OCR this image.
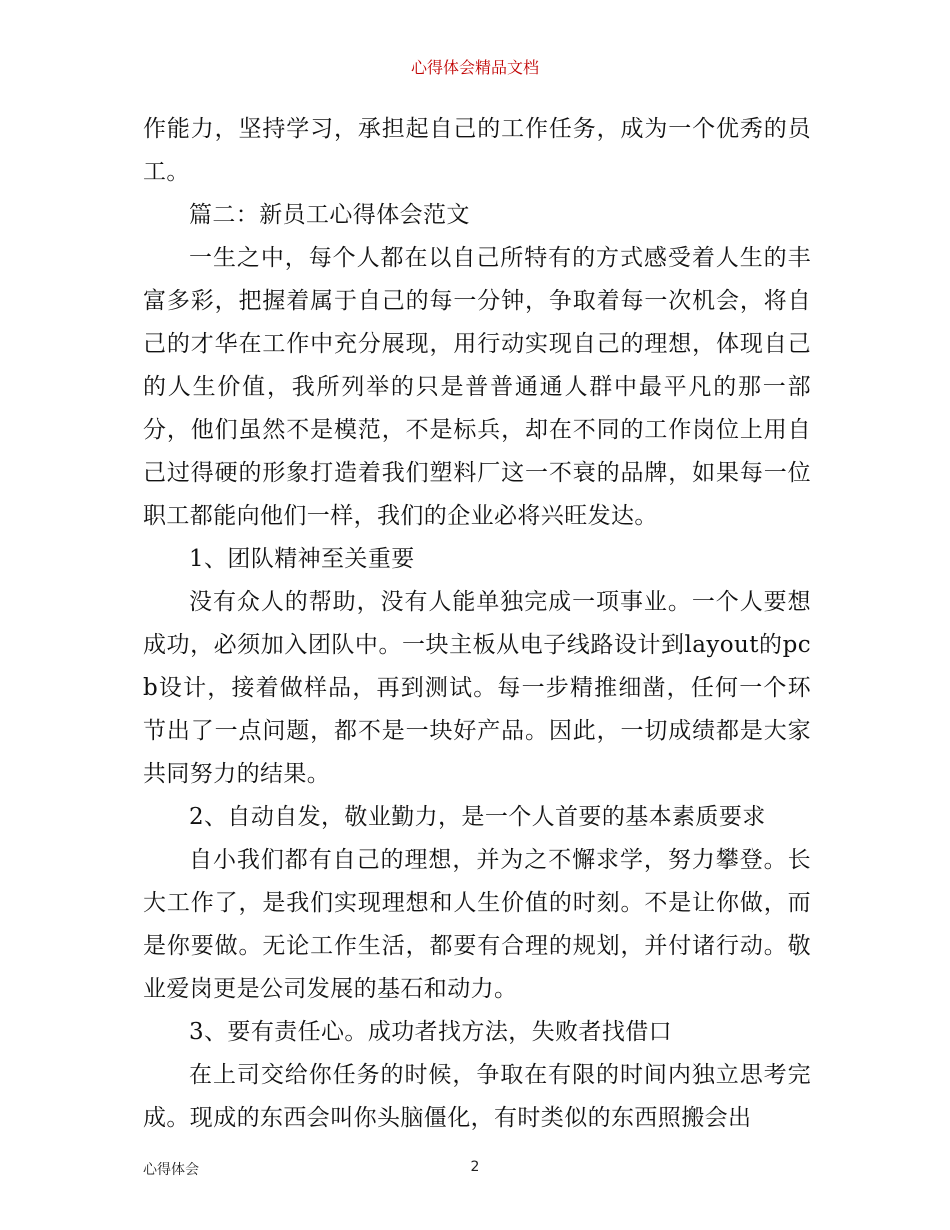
心得体会精品文档

作能力，坚持学习，承担起自己的工作任务，成为一个优秀的员工。

篇二：新员工心得体会范文

一生之中，每个人都在以自己所特有的方式感受着人生的丰富多彩，把握着属于自己的每一分钟，争取着每一次机会，将自己的才华在工作中充分展现，用行动实现自己的理想，体现自己的人生价值，我所列举的只是普普通通人群中最平凡的那一部分，他们虽然不是模范，不是标兵，却在不同的工作岗位上用自己过得硬的形象打造着我们塑料厂这一不衰的品牌，如果每一位职工都能向他们一样，我们的企业必将兴旺发达。

1、团队精神至关重要

没有众人的帮助，没有人能单独完成一项事业。一个人要想成功，必须加入团队中。一块主板从电子线路设计到layout的pcb设计，接着做样品，再到测试。每一步精推细凿，任何一个环节出了一点问题，都不是一块好产品。因此，一切成绩都是大家共同努力的结果。

2、自动自发，敬业勤力，是一个人首要的基本素质要求

自小我们都有自己的理想，并为之不懈求学，努力攀登。长大工作了，是我们实现理想和人生价值的时刻。不是让你做，而是你要做。无论工作生活，都要有合理的规划，并付诸行动。敬业爱岗更是公司发展的基石和动力。

3、要有责任心。成功者找方法，失败者找借口

在上司交给你任务的时候，争取在有限的时间内独立思考完成。现成的东西会叫你头脑僵化，有时类似的东西照搬会出

心得体会	2
